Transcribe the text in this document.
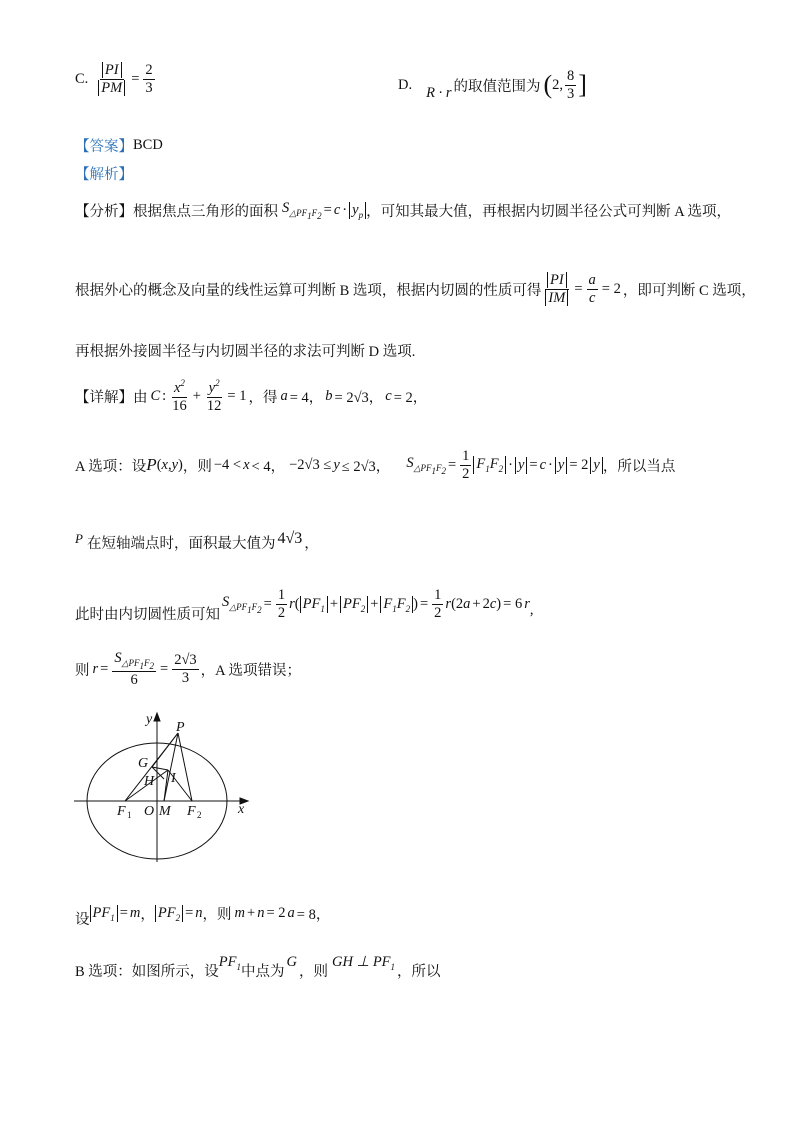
C. $\frac{PI}{PM} = \frac{2}{3}$	D. R · r 的取值范围为 ( 2, $\frac{8}{3}$ ]
【答案】 BCD
【解析】
【分析】 根据焦点三角形的面积 $S_{\triangle PF_1F_2} = c \cdot y_p$ ，可知其最大值，再根据内切圆半径公式可判断 A 选项，
根据外心的概念及向量的线性运算可判断 B 选项，根据内切圆的性质可得 $\frac{PI}{IM} = \frac{a}{c} = 2$ ，即可判断 C 选项，
再根据外接圆半径与内切圆半径的求法可判断 D 选项.
【详解】 由 C : $\frac{x^2}{16} + \frac{y^2}{12} = 1$ ，得 a = 4， b = 2√3， c = 2，
A 选项：设 P ( x , y ) ，则 −4 < x < 4， −2√3 ≤ y ≤ 2√3， $S_{\triangle PF_1F_2} = \frac{1}{2} F_1F_2 \cdot y = c \cdot y = 2$ y ，所以当点
P 在短轴端点时，面积最大值为 4√3 ，
此时由内切圆性质可知
$S_{\triangle PF_1F_2} = \frac{1}{2}$ r ( $PF_1 + PF_2 + F_1F_2$ ) = $\frac{1}{2}$ r (2 a + 2 c ) = 6 r ,
则 $r = \frac{S_{\triangle PF_1F_2}}{6} = \frac{2√3}{3}$ ，A 选项错误；
y
x
P
G
H I
F 1 O M F 2
设 $PF_1 = m$ ， $PF_2 = n$ ，则 m + n = 2 a = 8，
B 选项：如图所示，设
$PF_1$ 中点为
G
，则
GH ⊥ $PF_1$ ，所以
